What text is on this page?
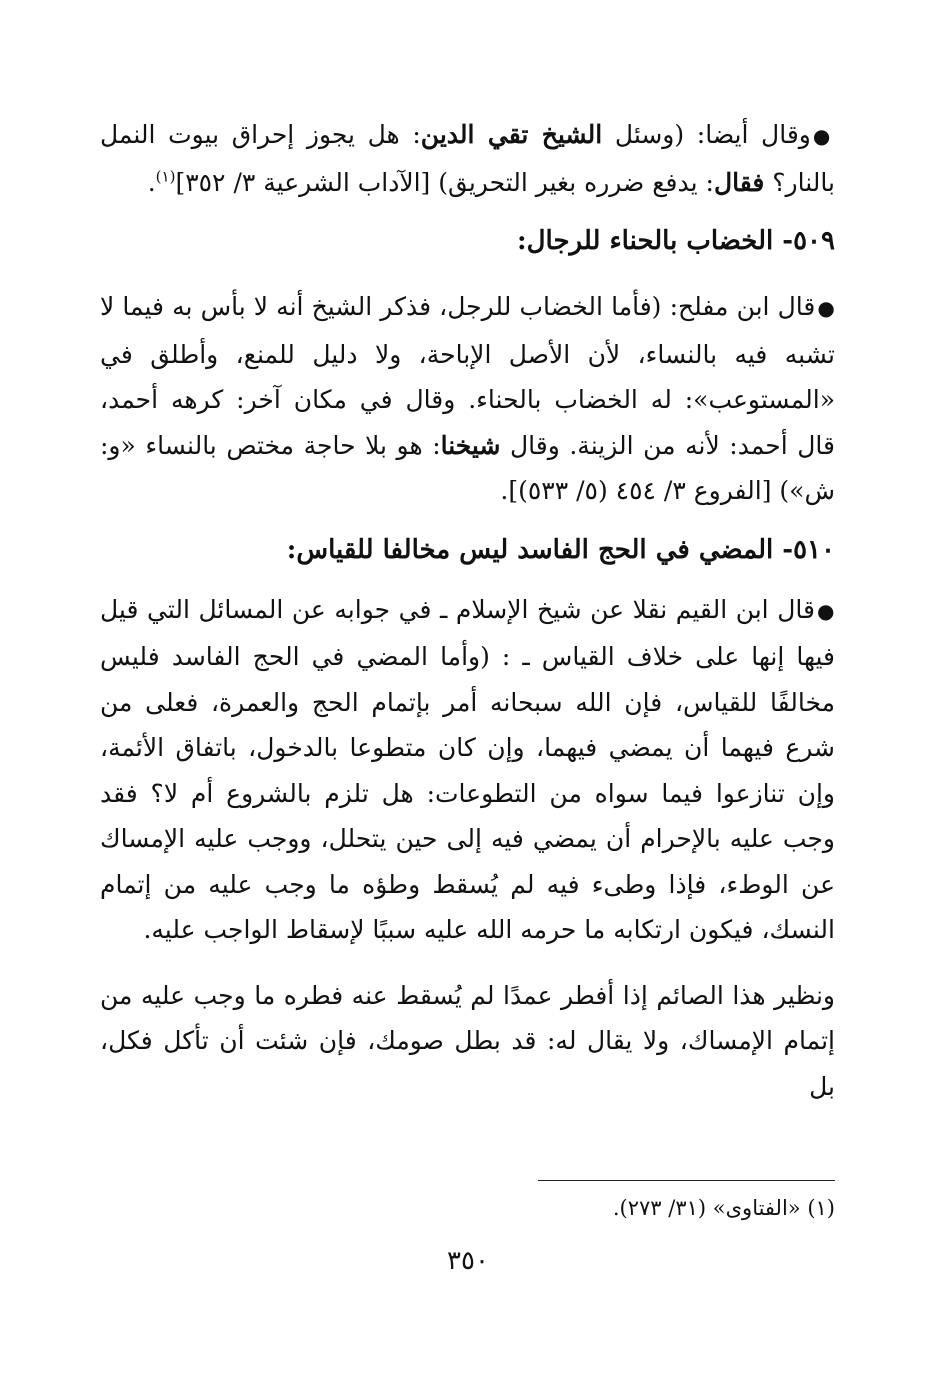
●وقال أيضا: (وسئل الشيخ تقي الدين: هل يجوز إحراق بيوت النمل بالنار؟ فقال: يدفع ضرره بغير التحريق) [الآداب الشرعية ٣/ ٣٥٢]$^{(١)}$.

٥٠٩- الخضاب بالحناء للرجال:

●قال ابن مفلح: (فأما الخضاب للرجل، فذكر الشيخ أنه لا بأس به فيما لا تشبه فيه بالنساء، لأن الأصل الإباحة، ولا دليل للمنع، وأطلق في «المستوعب»: له الخضاب بالحناء. وقال في مكان آخر: كرهه أحمد، قال أحمد: لأنه من الزينة. وقال شيخنا: هو بلا حاجة مختص بالنساء «و: ش») [الفروع ٣/ ٤٥٤ (٥/ ٥٣٣)].

٥١٠- المضي في الحج الفاسد ليس مخالفا للقياس:

●قال ابن القيم نقلا عن شيخ الإسلام ـ في جوابه عن المسائل التي قيل فيها إنها على خلاف القياس ـ : (وأما المضي في الحج الفاسد فليس مخالفًا للقياس، فإن الله سبحانه أمر بإتمام الحج والعمرة، فعلى من شرع فيهما أن يمضي فيهما، وإن كان متطوعا بالدخول، باتفاق الأئمة، وإن تنازعوا فيما سواه من التطوعات: هل تلزم بالشروع أم لا؟ فقد وجب عليه بالإحرام أن يمضي فيه إلى حين يتحلل، ووجب عليه الإمساك عن الوطء، فإذا وطىء فيه لم يُسقط وطؤه ما وجب عليه من إتمام النسك، فيكون ارتكابه ما حرمه الله عليه سببًا لإسقاط الواجب عليه.

ونظير هذا الصائم إذا أفطر عمدًا لم يُسقط عنه فطره ما وجب عليه من إتمام الإمساك، ولا يقال له: قد بطل صومك، فإن شئت أن تأكل فكل، بل

(١) «الفتاوى» (٣١/ ٢٧٣).
٣٥٠
